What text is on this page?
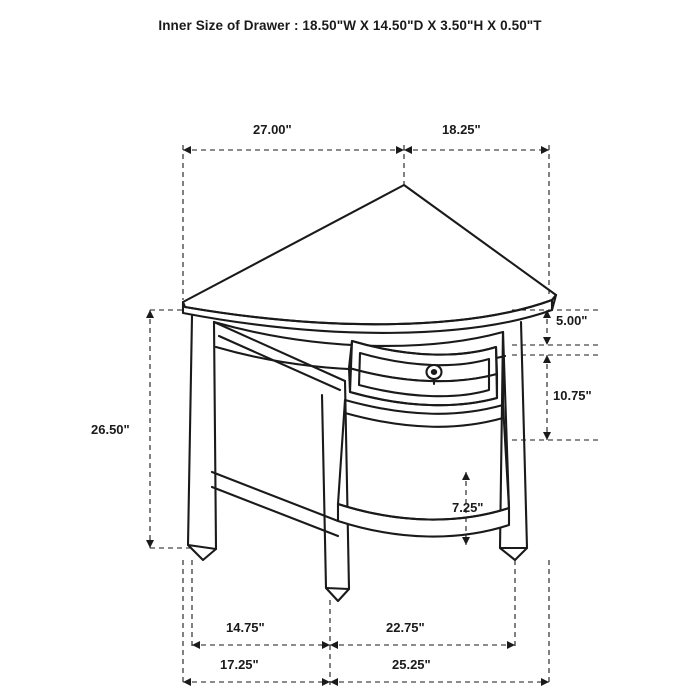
Inner Size of Drawer : 18.50"W X 14.50"D X 3.50"H X 0.50"T
27.00"	18.25"
5.00"
10.75"
26.50"
7.25"
14.75"	22.75"
17.25"	25.25"
